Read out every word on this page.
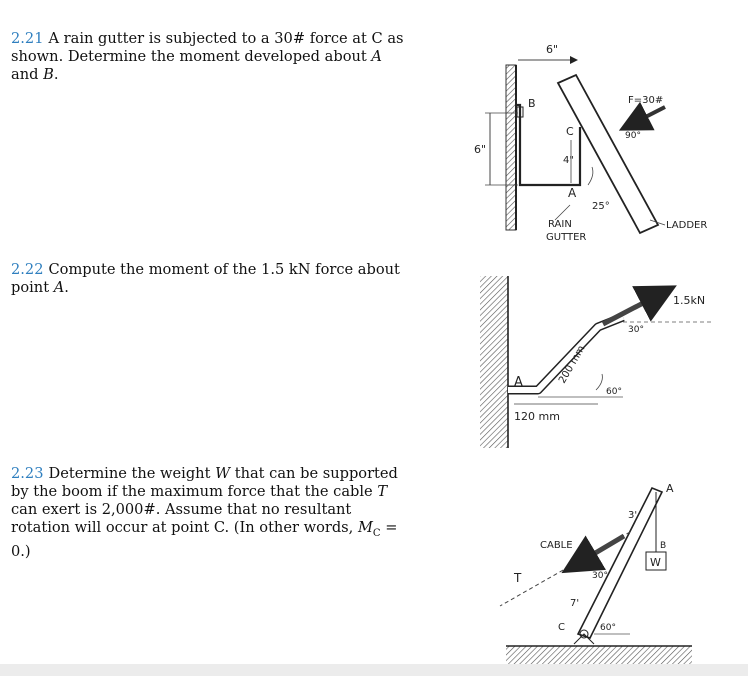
2.21 A rain gutter is subjected to a 30# force at C as shown. Determine the moment developed about A and B.
2.22 Compute the moment of the 1.5 kN force about point A.
2.23 Determine the weight W that can be supported by the boom if the maximum force that the cable T can exert is 2,000#. Assume that no resultant rotation will occur at point C. (In other words, $M_C = 0$.)
6"
6"
4"
B
C
A
25°
F=30#
90°
RAIN
GUTTER
LADDER
A
1.5kN
30°
60°
120 mm
200 mm
A
B
W
C
CABLE
T	30°
60°
3'
7'
